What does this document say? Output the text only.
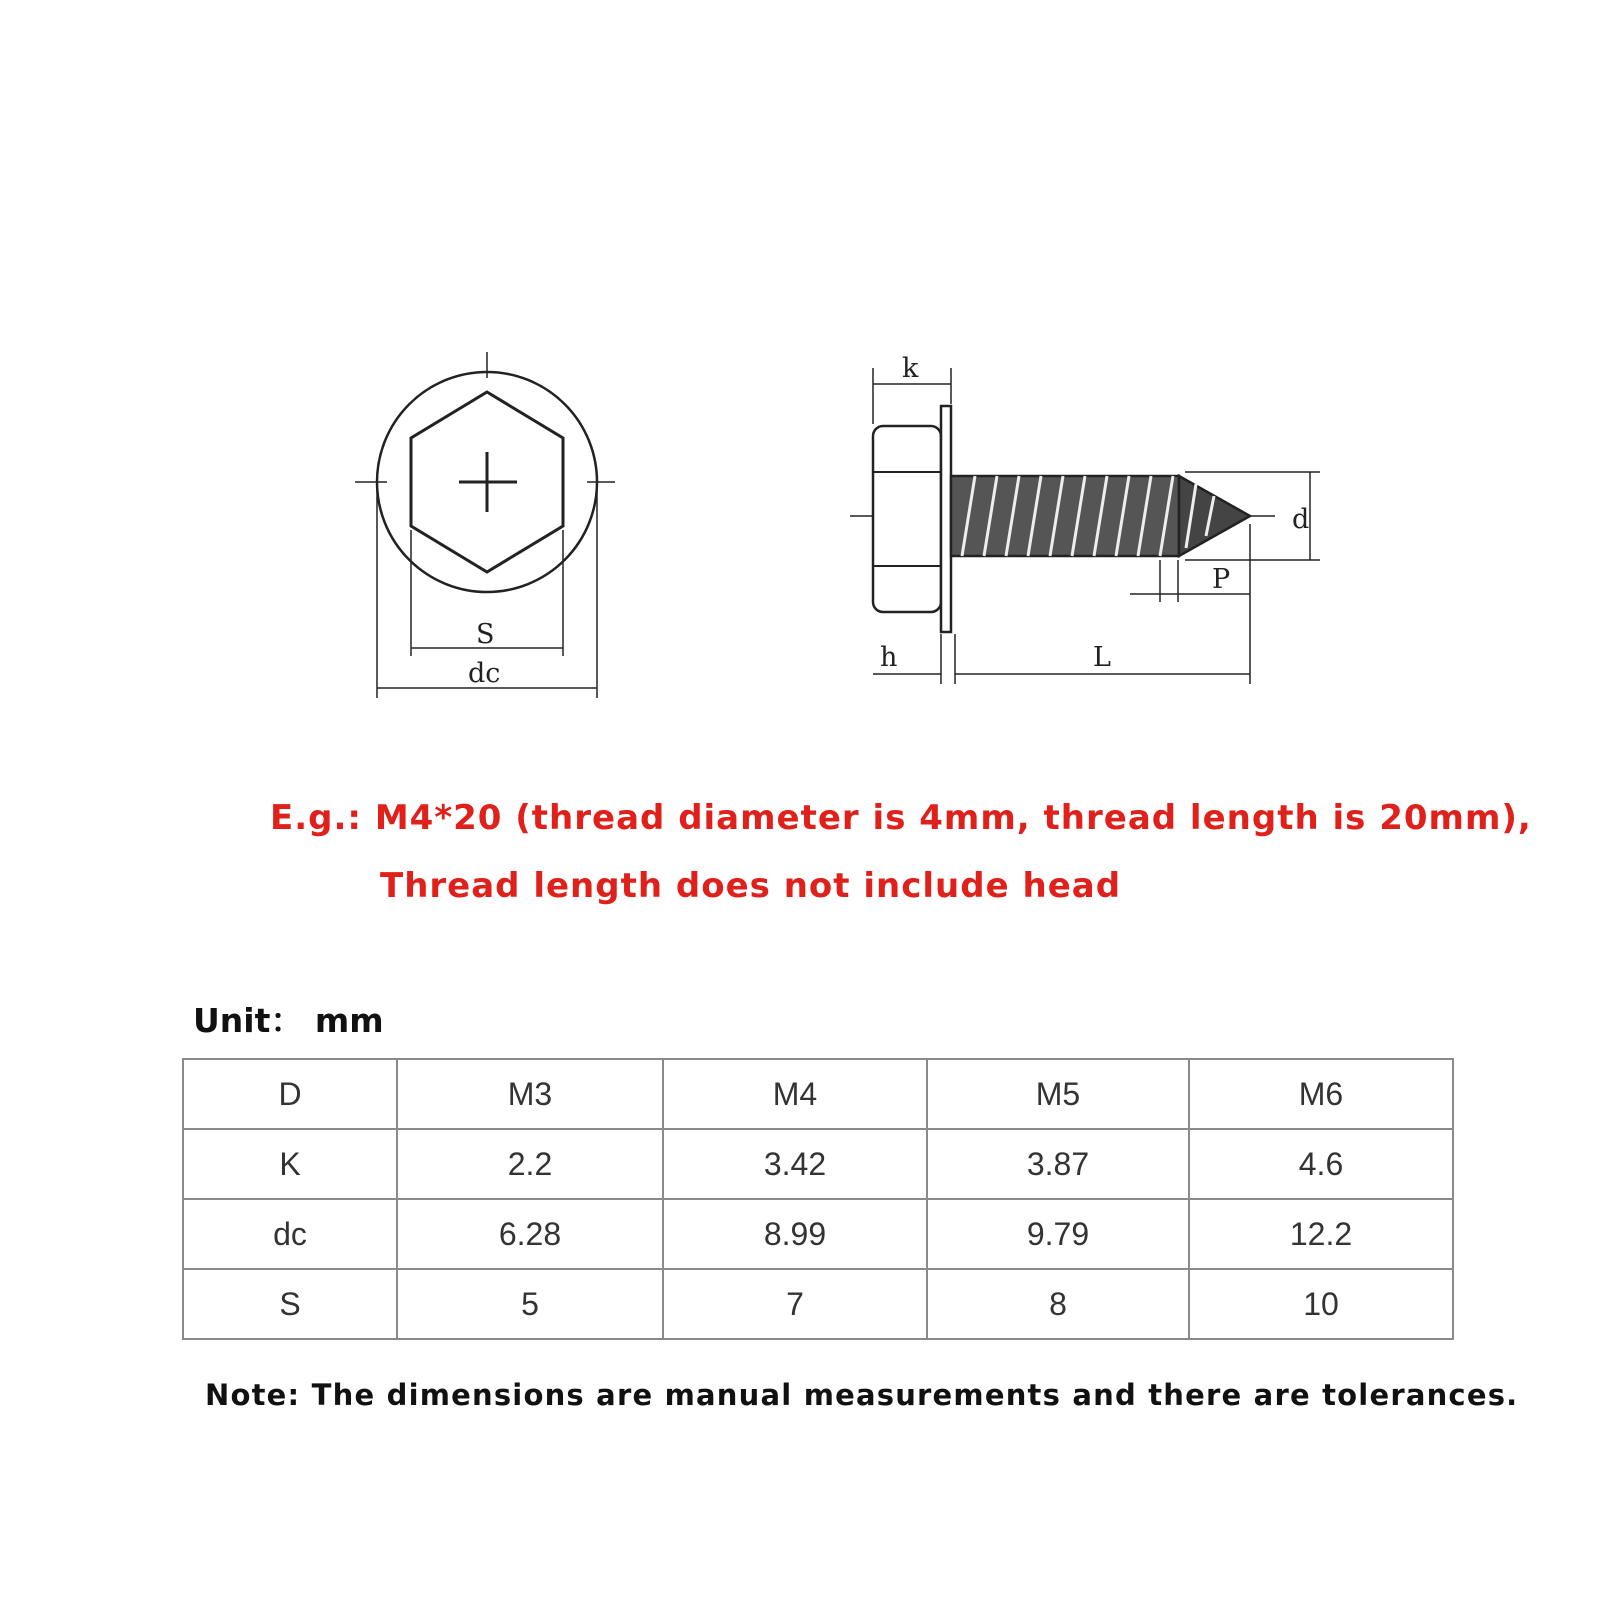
S
dc
k
d
P
h	L

E.g.: M4*20 (thread diameter is 4mm, thread length is 20mm),

Thread length does not include head

Unit： mm
D	M3	M4	M5	M6
K	2.2	3.42	3.87	4.6
dc	6.28	8.99	9.79	12.2
S	5	7	8	10
Note: The dimensions are manual measurements and there are tolerances.
